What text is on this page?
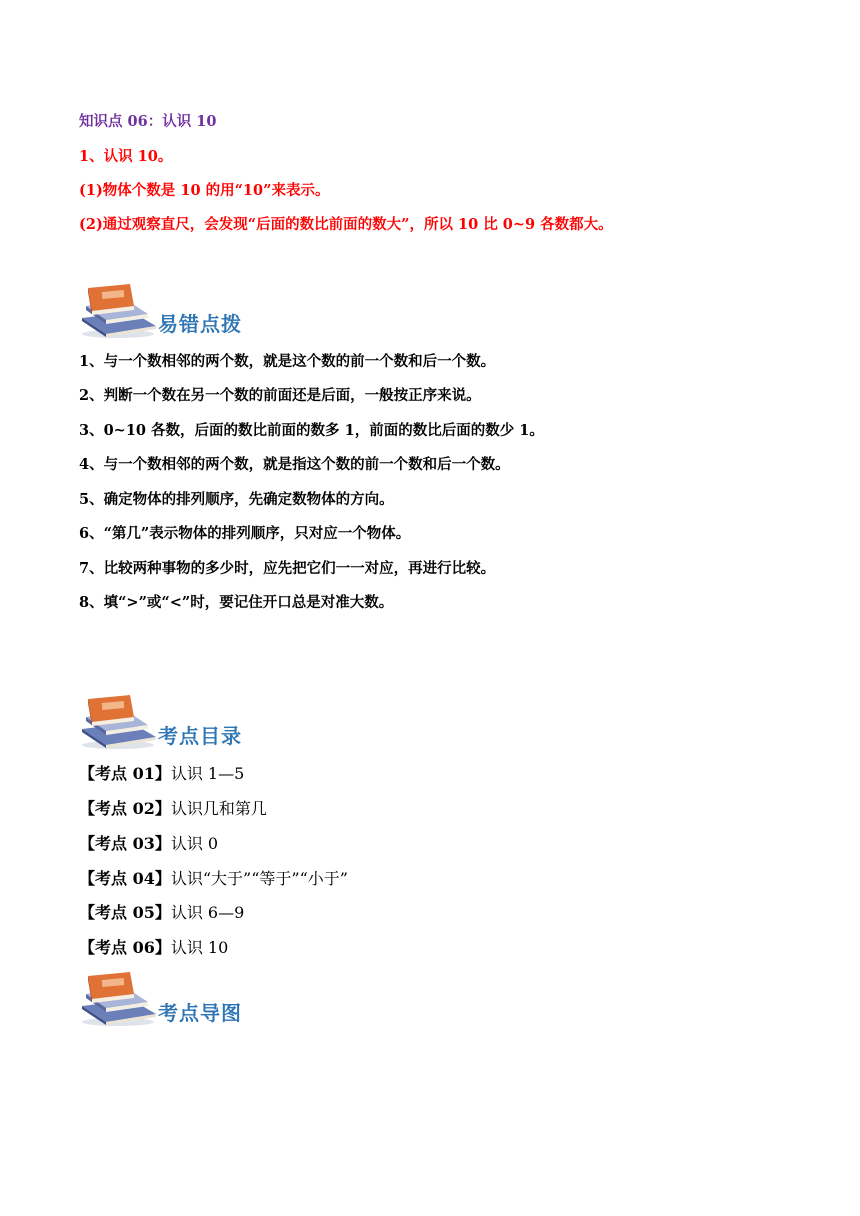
知识点 06：认识 10
1、认识 10。
(1)物体个数是 10 的用“10”来表示。
(2)通过观察直尺，会发现“后面的数比前面的数大”，所以 10 比 0~9 各数都大。
易错点拨
1、与一个数相邻的两个数，就是这个数的前一个数和后一个数。
2、判断一个数在另一个数的前面还是后面，一般按正序来说。
3、0~10 各数，后面的数比前面的数多 1，前面的数比后面的数少 1。
4、与一个数相邻的两个数，就是指这个数的前一个数和后一个数。
5、确定物体的排列顺序，先确定数物体的方向。
6、“第几”表示物体的排列顺序，只对应一个物体。
7、比较两种事物的多少时，应先把它们一一对应，再进行比较。
8、填“>”或“<”时，要记住开口总是对准大数。
考点目录
【考点 01】认识 1—5
【考点 02】认识几和第几
【考点 03】认识 0
【考点 04】认识“大于”“等于”“小于”
【考点 05】认识 6—9
【考点 06】认识 10
考点导图
